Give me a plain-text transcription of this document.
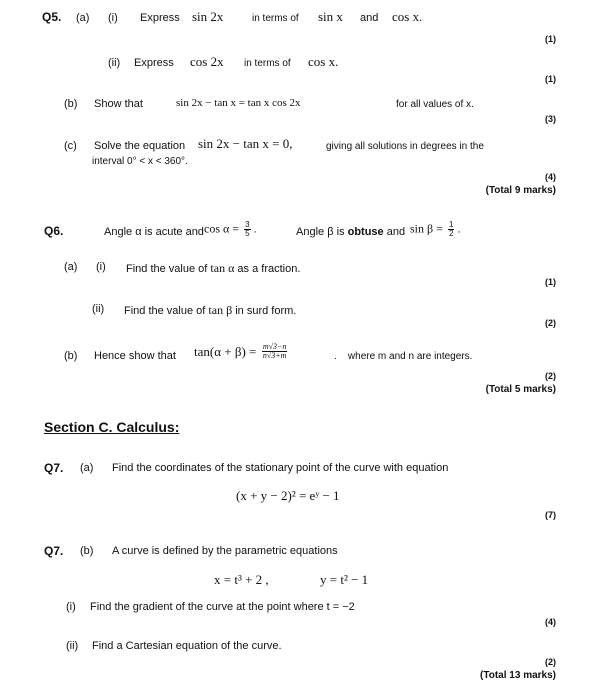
Q5. (a) (i) Express sin 2x	in terms of sin x and cos x.
(1)
(ii) Express cos 2x in terms of cos x.
(1)
(b) Show that	sin 2x − tan x = tan x cos 2x	for all values of x.
(3)
(c) Solve the equation sin 2x − tan x = 0,	giving all solutions in degrees in the
interval 0° < x < 360°.
(4)
(Total 9 marks)
Q6.	Angle α is acute and $\cos \alpha = \frac{3}{5}$ .	Angle β is obtuse and $\sin \beta = \frac{1}{2}$ .
(a) (i) Find the value of tan α as a fraction.
(1)
(ii) Find the value of tan β in surd form.
(2)
(b) Hence show that $\tan(\alpha + \beta) = \frac{m√3-n}{n√3+m}$	.    where m and n are integers.
(2)
(Total 5 marks)
Section C. Calculus:
Q7. (a) Find the coordinates of the stationary point of the curve with equation
(x + y − 2)² = eʸ − 1
(7)
Q7. (b) A curve is defined by the parametric equations
x = t³ + 2 ,	y = t² − 1
(i) Find the gradient of the curve at the point where t = −2
(4)
(ii) Find a Cartesian equation of the curve.
(2)
(Total 13 marks)
